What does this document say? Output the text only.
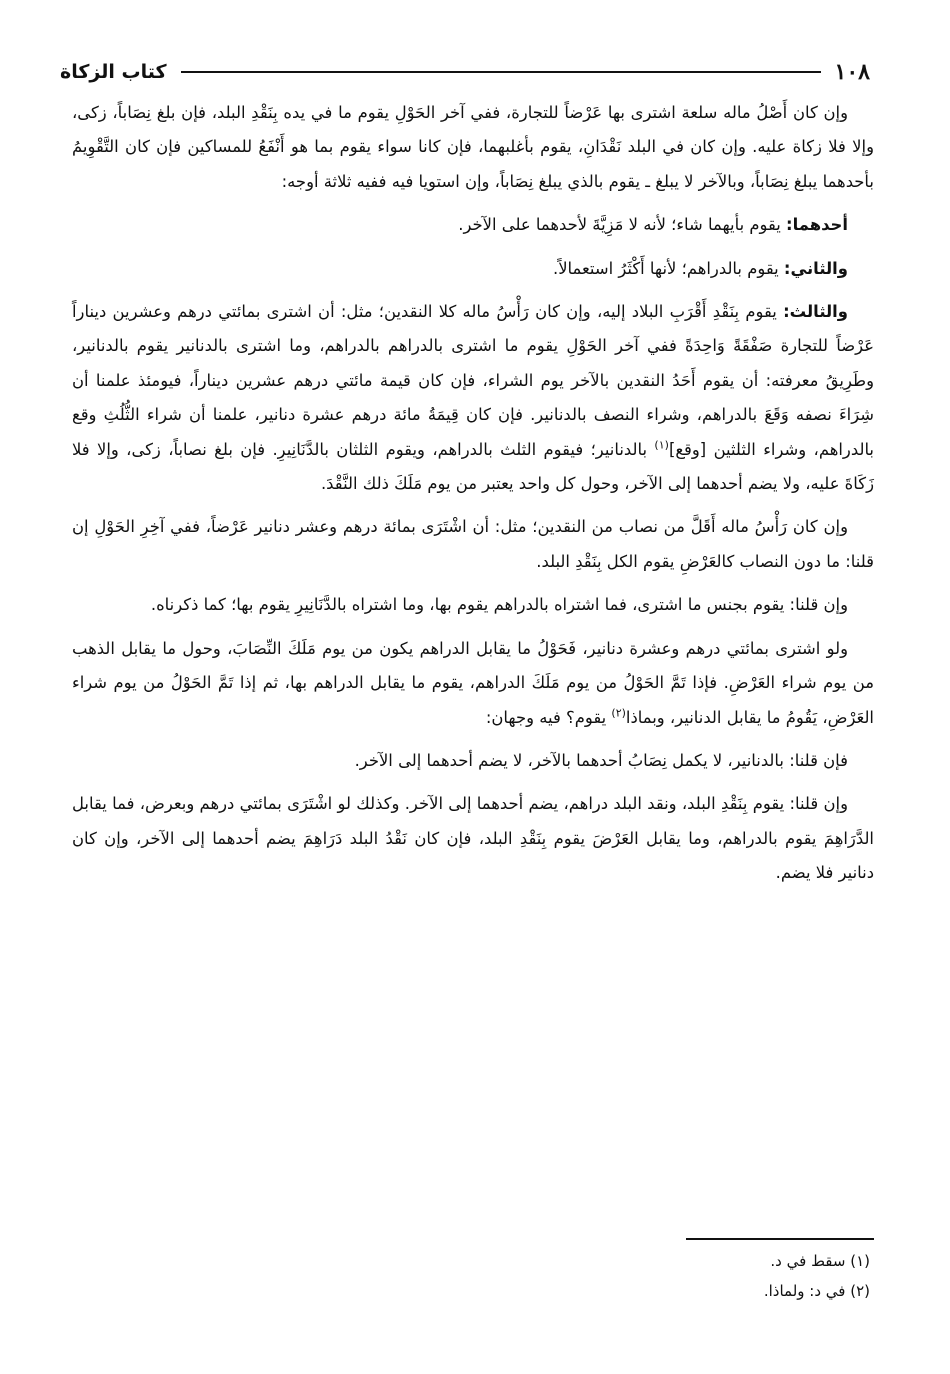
١٠٨
كتاب الزكاة

وإن كان أَصْلُ ماله سلعة اشترى بها عَرْضاً للتجارة، ففي آخر الحَوْلِ يقوم ما في يده بِنَقْدِ البلد، فإن بلغ نِصَاباً، زكى، وإلا فلا زكاة عليه. وإن كان في البلد نَقْدَانِ، يقوم بأغلبهما، فإن كانا سواء يقوم بما هو أَنْفَعُ للمساكين فإن كان التَّقْوِيمُ بأحدهما يبلغ نِصَاباً، وبالآخر لا يبلغ ـ يقوم بالذي يبلغ نِصَاباً، وإن استويا فيه ففيه ثلاثة أوجه:

أحدهما: يقوم بأيهما شاء؛ لأنه لا مَزِيَّةَ لأحدهما على الآخر.

والثاني: يقوم بالدراهم؛ لأنها أَكْثَرُ استعمالاً.

والثالث: يقوم بِنَقْدِ أَقْرَبِ البلاد إليه، وإن كان رَأْسُ ماله كلا النقدين؛ مثل: أن اشترى بمائتي درهم وعشرين ديناراً عَرْضاً للتجارة صَفْقَةً وَاحِدَةً ففي آخر الحَوْلِ يقوم ما اشترى بالدراهم بالدراهم، وما اشترى بالدنانير يقوم بالدنانير، وطَرِيقُ معرفته: أن يقوم أَحَدُ النقدين بالآخر يوم الشراء، فإن كان قيمة مائتي درهم عشرين ديناراً، فيومئذ علمنا أن شِرَاءَ نصفه وَقَعَ بالدراهم، وشراء النصف بالدنانير. فإن كان قِيمَةُ مائة درهم عشرة دنانير، علمنا أن شراء الثُّلُثِ وقع بالدراهم، وشراء الثلثين [وقع]$^{(١)}$ بالدنانير؛ فيقوم الثلث بالدراهم، ويقوم الثلثان بالدَّنَانِيرِ. فإن بلغ نصاباً، زكى، وإلا فلا زَكَاةَ عليه، ولا يضم أحدهما إلى الآخر، وحول كل واحد يعتبر من يوم مَلَكَ ذلك النَّقْدَ.

وإن كان رَأْسُ ماله أَقَلَّ من نصاب من النقدين؛ مثل: أن اشْتَرَى بمائة درهم وعشر دنانير عَرْضاً، ففي آخِرِ الحَوْلِ إن قلنا: ما دون النصاب كالعَرْضِ يقوم الكل بِنَقْدِ البلد.

وإن قلنا: يقوم بجنس ما اشترى، فما اشتراه بالدراهم يقوم بها، وما اشتراه بالدَّنَانِيرِ يقوم بها؛ كما ذكرناه.

ولو اشترى بمائتي درهم وعشرة دنانير، فَحَوْلُ ما يقابل الدراهم يكون من يوم مَلَكَ النِّصَابَ، وحول ما يقابل الذهب من يوم شراء العَرْضِ. فإذا تَمَّ الحَوْلُ من يوم مَلَكَ الدراهم، يقوم ما يقابل الدراهم بها، ثم إذا تَمَّ الحَوْلُ من يوم شراء العَرْضِ، يَقُومُ ما يقابل الدنانير، وبماذا$^{(٢)}$ يقوم؟ فيه وجهان:

فإن قلنا: بالدنانير، لا يكمل نِصَابُ أحدهما بالآخر، لا يضم أحدهما إلى الآخر.

وإن قلنا: يقوم بِنَقْدِ البلد، ونقد البلد دراهم، يضم أحدهما إلى الآخر. وكذلك لو اشْتَرَى بمائتي درهم وبعرض، فما يقابل الدَّرَاهِمَ يقوم بالدراهم، وما يقابل العَرْضَ يقوم بِنَقْدِ البلد، فإن كان نَقْدُ البلد دَرَاهِمَ يضم أحدهما إلى الآخر، وإن كان دنانير فلا يضم.

(١) سقط في د.
(٢) في د: ولماذا.
